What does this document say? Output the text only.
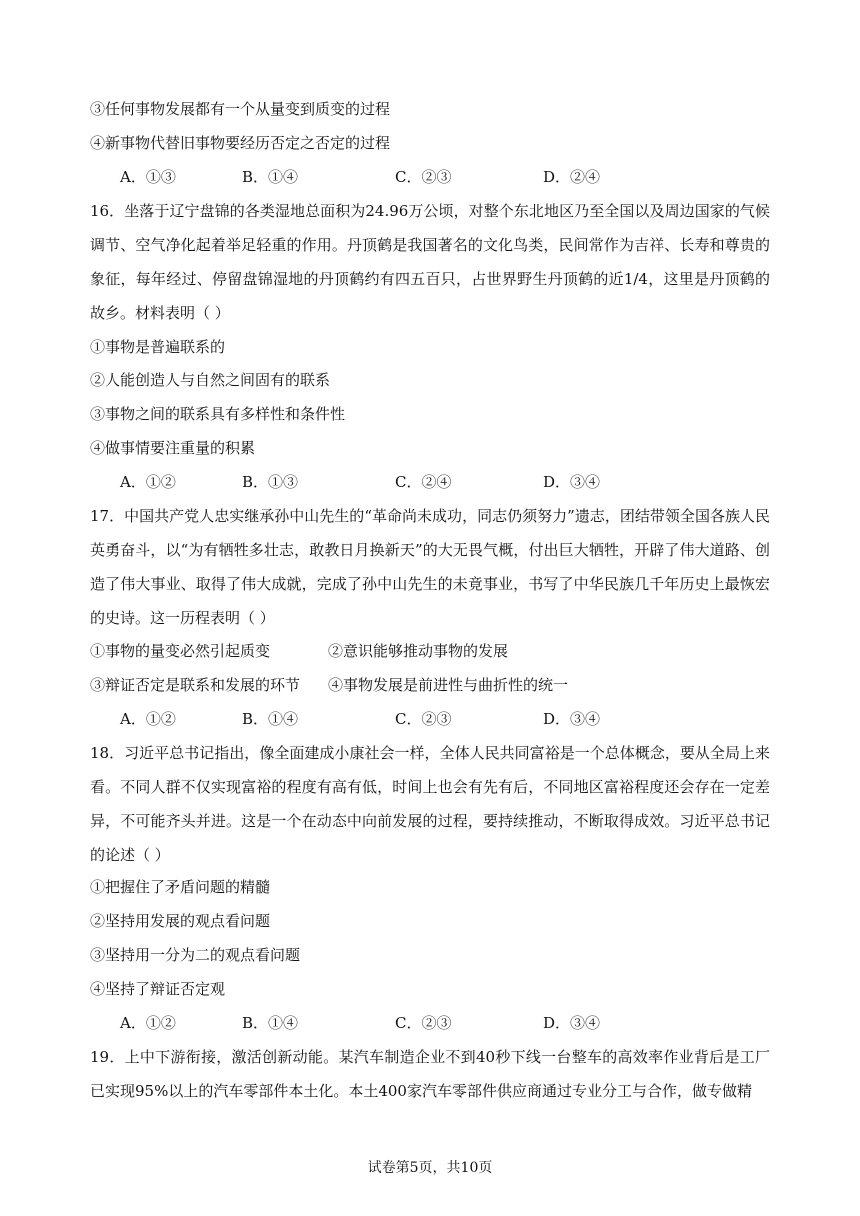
③任何事物发展都有一个从量变到质变的过程
④新事物代替旧事物要经历否定之否定的过程
A．①③	B．①④	C．②③	D．②④
16．坐落于辽宁盘锦的各类湿地总面积为24.96万公顷，对整个东北地区乃至全国以及周边国家的气候调节、空气净化起着举足轻重的作用。丹顶鹤是我国著名的文化鸟类，民间常作为吉祥、长寿和尊贵的象征，每年经过、停留盘锦湿地的丹顶鹤约有四五百只，占世界野生丹顶鹤的近1/4，这里是丹顶鹤的故乡。材料表明（ ）
①事物是普遍联系的
②人能创造人与自然之间固有的联系
③事物之间的联系具有多样性和条件性
④做事情要注重量的积累
A．①②	B．①③	C．②④	D．③④
17．中国共产党人忠实继承孙中山先生的“革命尚未成功，同志仍须努力”遗志，团结带领全国各族人民英勇奋斗，以“为有牺牲多壮志，敢教日月换新天”的大无畏气概，付出巨大牺牲，开辟了伟大道路、创造了伟大事业、取得了伟大成就，完成了孙中山先生的未竟事业，书写了中华民族几千年历史上最恢宏的史诗。这一历程表明（ ）
①事物的量变必然引起质变	②意识能够推动事物的发展
③辩证否定是联系和发展的环节 ④事物发展是前进性与曲折性的统一
A．①②	B．①④	C．②③	D．③④
18．习近平总书记指出，像全面建成小康社会一样，全体人民共同富裕是一个总体概念，要从全局上来看。不同人群不仅实现富裕的程度有高有低，时间上也会有先有后，不同地区富裕程度还会存在一定差异，不可能齐头并进。这是一个在动态中向前发展的过程，要持续推动，不断取得成效。习近平总书记的论述（ ）
①把握住了矛盾问题的精髓
②坚持用发展的观点看问题
③坚持用一分为二的观点看问题
④坚持了辩证否定观
A．①②	B．①④	C．②③	D．③④
19．上中下游衔接，激活创新动能。某汽车制造企业不到40秒下线一台整车的高效率作业背后是工厂已实现95%以上的汽车零部件本土化。本土400家汽车零部件供应商通过专业分工与合作，做专做精
试卷第5页，共10页
